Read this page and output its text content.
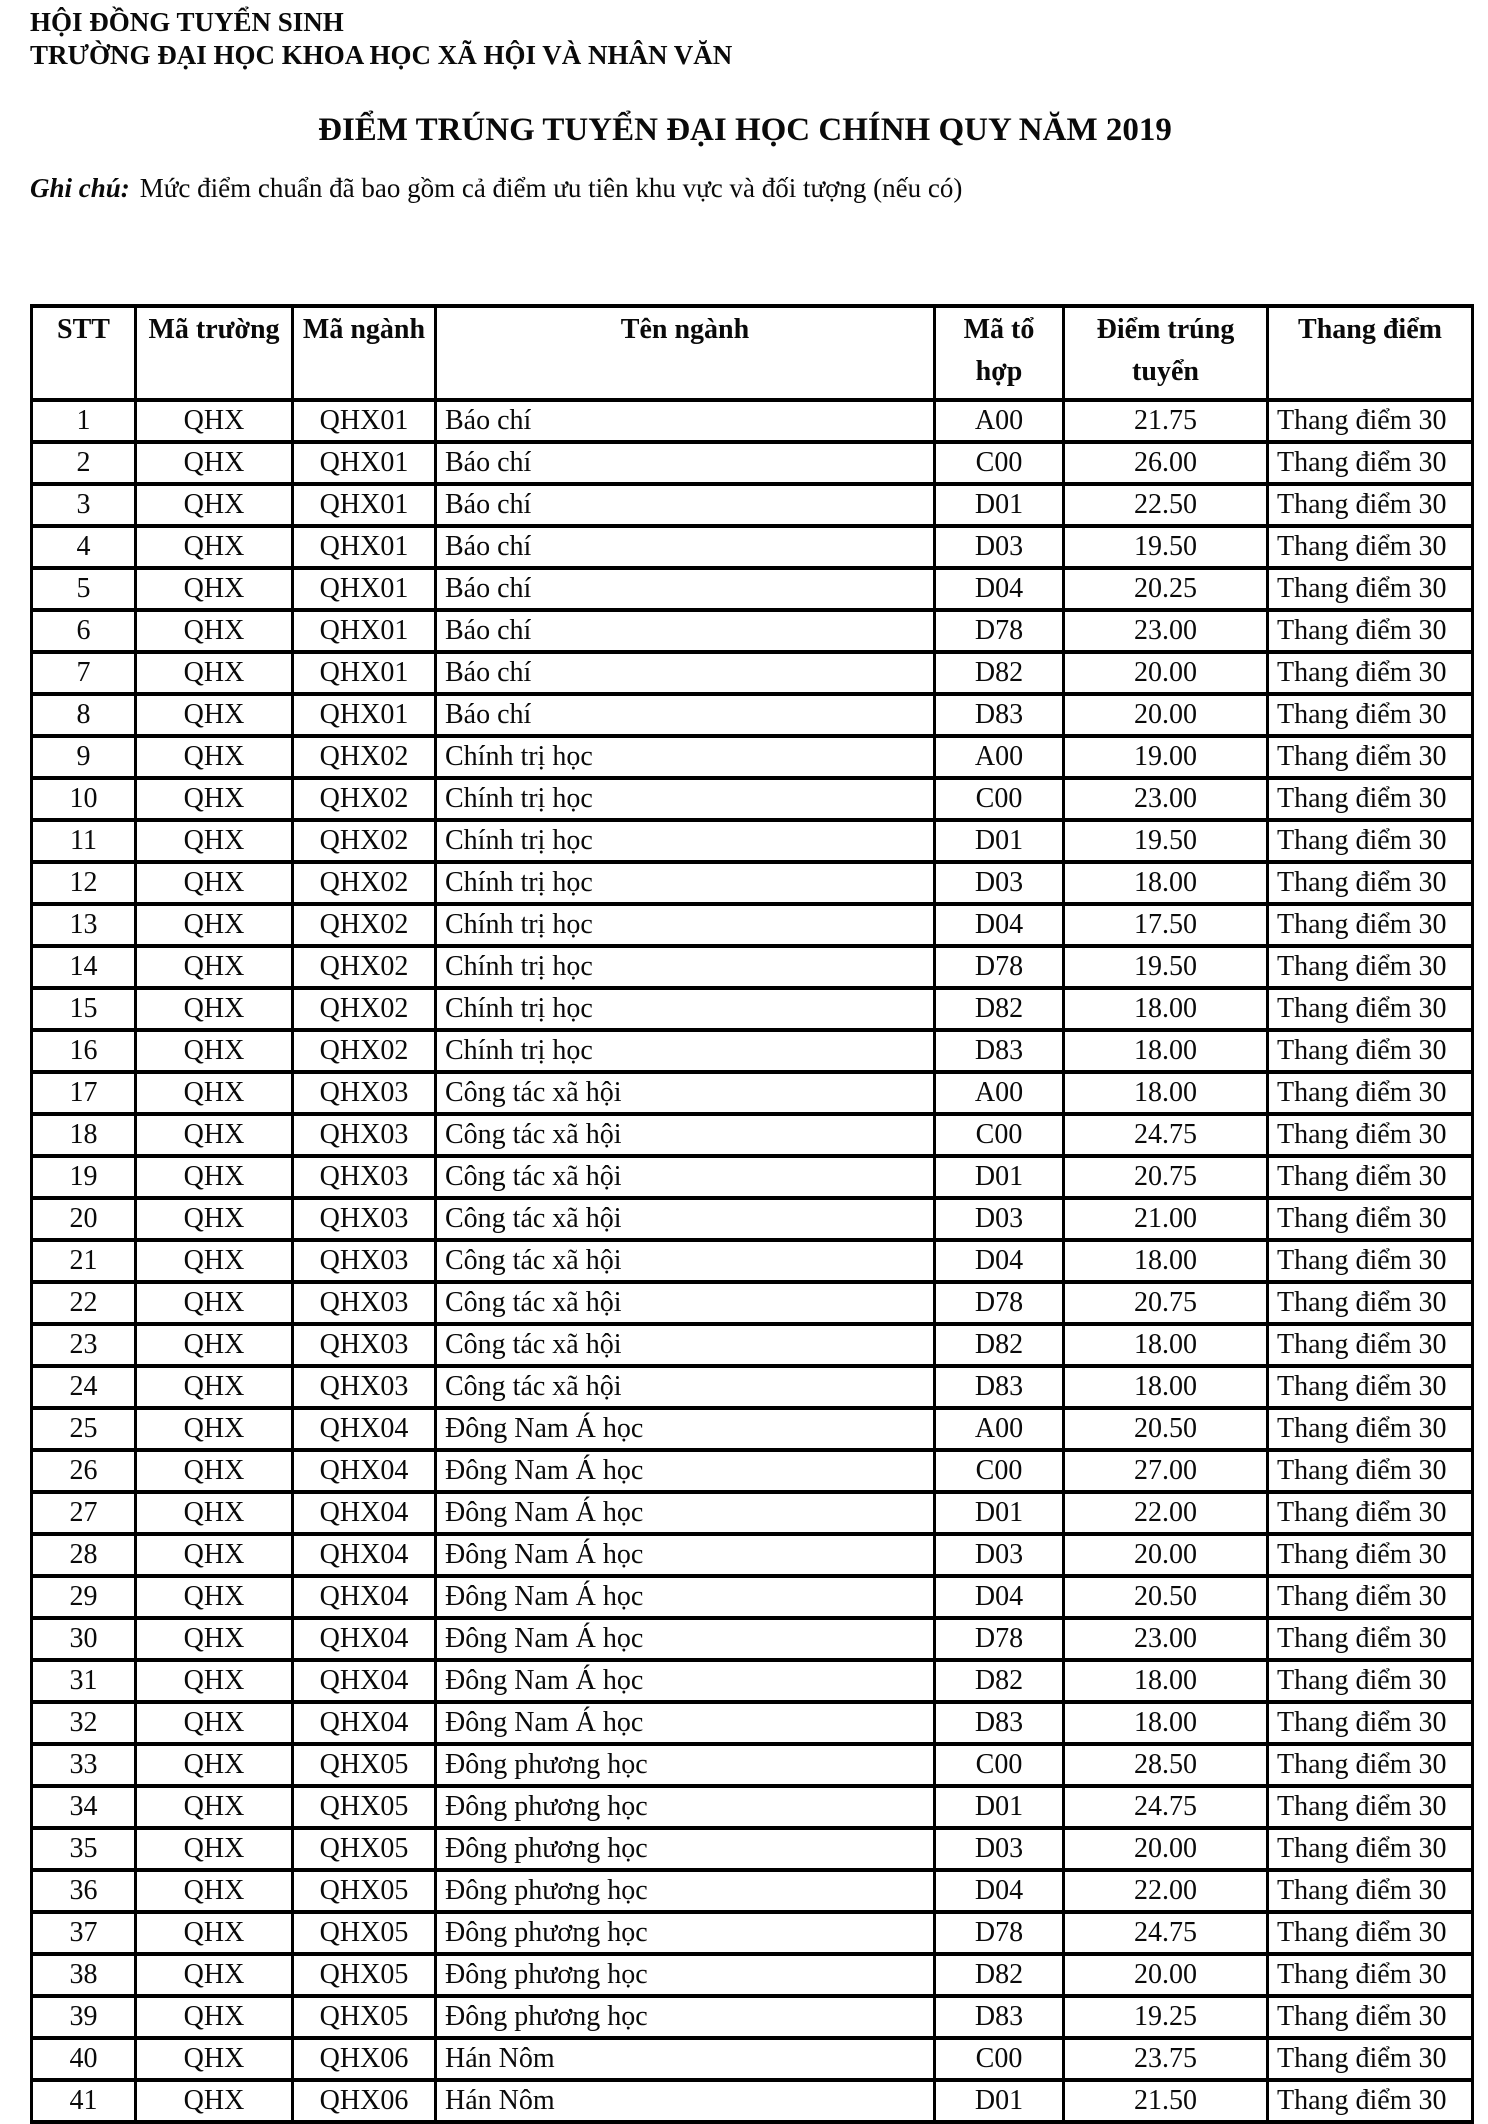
HỘI ĐỒNG TUYỂN SINH
TRƯỜNG ĐẠI HỌC KHOA HỌC XÃ HỘI VÀ NHÂN VĂN
ĐIỂM TRÚNG TUYỂN ĐẠI HỌC CHÍNH QUY NĂM 2019
Ghi chú: Mức điểm chuẩn đã bao gồm cả điểm ưu tiên khu vực và đối tượng (nếu có)
STT	Mã trường	Mã ngành	Tên ngành	Mã tổ hợp	Điểm trúng tuyển	Thang điểm
1	QHX	QHX01	Báo chí	A00	21.75	Thang điểm 30
2	QHX	QHX01	Báo chí	C00	26.00	Thang điểm 30
3	QHX	QHX01	Báo chí	D01	22.50	Thang điểm 30
4	QHX	QHX01	Báo chí	D03	19.50	Thang điểm 30
5	QHX	QHX01	Báo chí	D04	20.25	Thang điểm 30
6	QHX	QHX01	Báo chí	D78	23.00	Thang điểm 30
7	QHX	QHX01	Báo chí	D82	20.00	Thang điểm 30
8	QHX	QHX01	Báo chí	D83	20.00	Thang điểm 30
9	QHX	QHX02	Chính trị học	A00	19.00	Thang điểm 30
10	QHX	QHX02	Chính trị học	C00	23.00	Thang điểm 30
11	QHX	QHX02	Chính trị học	D01	19.50	Thang điểm 30
12	QHX	QHX02	Chính trị học	D03	18.00	Thang điểm 30
13	QHX	QHX02	Chính trị học	D04	17.50	Thang điểm 30
14	QHX	QHX02	Chính trị học	D78	19.50	Thang điểm 30
15	QHX	QHX02	Chính trị học	D82	18.00	Thang điểm 30
16	QHX	QHX02	Chính trị học	D83	18.00	Thang điểm 30
17	QHX	QHX03	Công tác xã hội	A00	18.00	Thang điểm 30
18	QHX	QHX03	Công tác xã hội	C00	24.75	Thang điểm 30
19	QHX	QHX03	Công tác xã hội	D01	20.75	Thang điểm 30
20	QHX	QHX03	Công tác xã hội	D03	21.00	Thang điểm 30
21	QHX	QHX03	Công tác xã hội	D04	18.00	Thang điểm 30
22	QHX	QHX03	Công tác xã hội	D78	20.75	Thang điểm 30
23	QHX	QHX03	Công tác xã hội	D82	18.00	Thang điểm 30
24	QHX	QHX03	Công tác xã hội	D83	18.00	Thang điểm 30
25	QHX	QHX04	Đông Nam Á học	A00	20.50	Thang điểm 30
26	QHX	QHX04	Đông Nam Á học	C00	27.00	Thang điểm 30
27	QHX	QHX04	Đông Nam Á học	D01	22.00	Thang điểm 30
28	QHX	QHX04	Đông Nam Á học	D03	20.00	Thang điểm 30
29	QHX	QHX04	Đông Nam Á học	D04	20.50	Thang điểm 30
30	QHX	QHX04	Đông Nam Á học	D78	23.00	Thang điểm 30
31	QHX	QHX04	Đông Nam Á học	D82	18.00	Thang điểm 30
32	QHX	QHX04	Đông Nam Á học	D83	18.00	Thang điểm 30
33	QHX	QHX05	Đông phương học	C00	28.50	Thang điểm 30
34	QHX	QHX05	Đông phương học	D01	24.75	Thang điểm 30
35	QHX	QHX05	Đông phương học	D03	20.00	Thang điểm 30
36	QHX	QHX05	Đông phương học	D04	22.00	Thang điểm 30
37	QHX	QHX05	Đông phương học	D78	24.75	Thang điểm 30
38	QHX	QHX05	Đông phương học	D82	20.00	Thang điểm 30
39	QHX	QHX05	Đông phương học	D83	19.25	Thang điểm 30
40	QHX	QHX06	Hán Nôm	C00	23.75	Thang điểm 30
41	QHX	QHX06	Hán Nôm	D01	21.50	Thang điểm 30
